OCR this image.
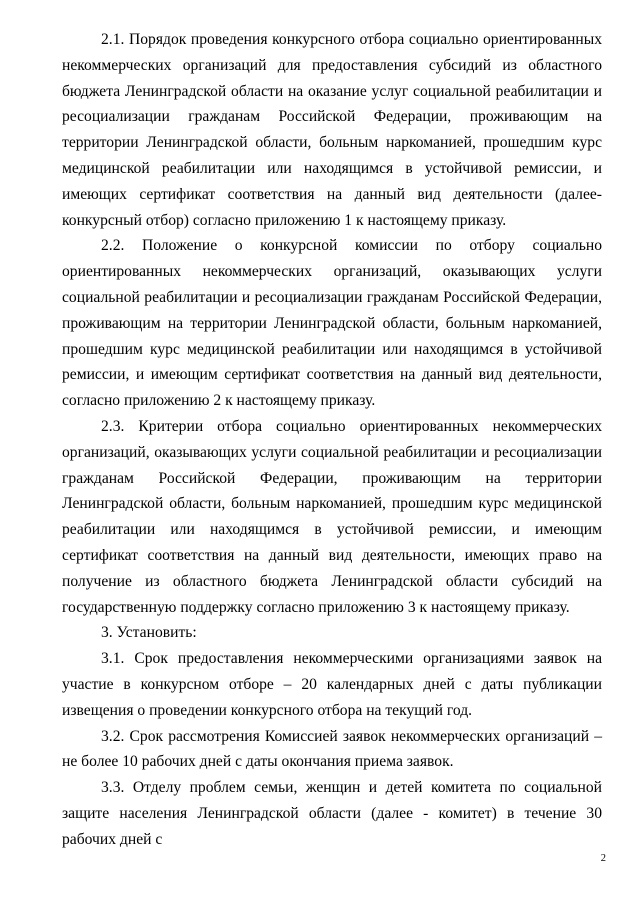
2.1. Порядок проведения конкурсного отбора социально ориентированных некоммерческих организаций для предоставления субсидий из областного бюджета Ленинградской области на оказание услуг социальной реабилитации и ресоциализации гражданам Российской Федерации, проживающим на территории Ленинградской области, больным наркоманией, прошедшим курс медицинской реабилитации или находящимся в устойчивой ремиссии, и имеющих сертификат соответствия на данный вид деятельности (далее- конкурсный отбор) согласно приложению 1 к настоящему приказу.

2.2. Положение о конкурсной комиссии по отбору социально ориентированных некоммерческих организаций, оказывающих услуги социальной реабилитации и ресоциализации гражданам Российской Федерации, проживающим на территории Ленинградской области, больным наркоманией, прошедшим курс медицинской реабилитации или находящимся в устойчивой ремиссии, и имеющим сертификат соответствия на данный вид деятельности, согласно приложению 2 к настоящему приказу.

2.3. Критерии отбора социально ориентированных некоммерческих организаций, оказывающих услуги социальной реабилитации и ресоциализации гражданам Российской Федерации, проживающим на территории Ленинградской области, больным наркоманией, прошедшим курс медицинской реабилитации или находящимся в устойчивой ремиссии, и имеющим сертификат соответствия на данный вид деятельности, имеющих право на получение из областного бюджета Ленинградской области субсидий на государственную поддержку согласно приложению 3 к настоящему приказу.

3. Установить:

3.1. Срок предоставления некоммерческими организациями заявок на участие в конкурсном отборе – 20 календарных дней с даты публикации извещения о проведении конкурсного отбора на текущий год.

3.2. Срок рассмотрения Комиссией заявок некоммерческих организаций – не более 10 рабочих дней с даты окончания приема заявок.

3.3. Отделу проблем семьи, женщин и детей комитета по социальной защите населения Ленинградской области (далее - комитет) в течение 30 рабочих дней с

2
